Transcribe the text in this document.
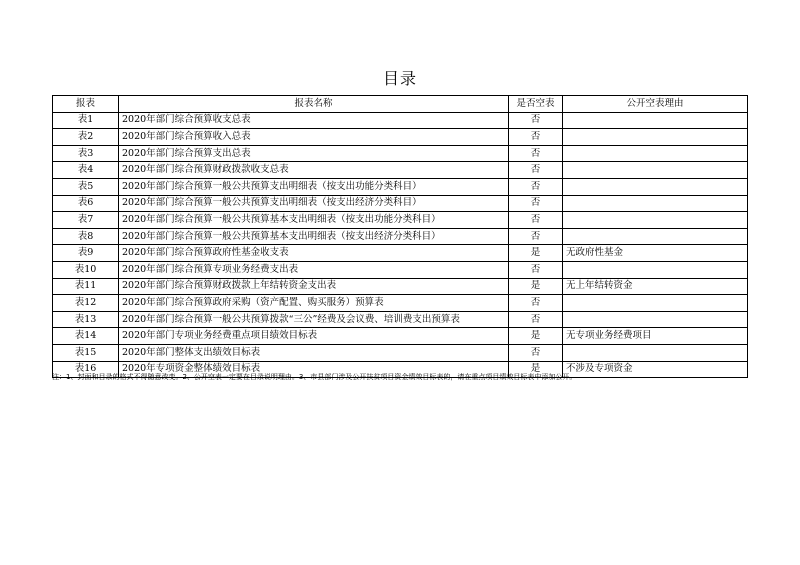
目录
报表	报表名称	是否空表	公开空表理由
表1	2020年部门综合预算收支总表	否	
表2	2020年部门综合预算收入总表	否	
表3	2020年部门综合预算支出总表	否	
表4	2020年部门综合预算财政拨款收支总表	否	
表5	2020年部门综合预算一般公共预算支出明细表（按支出功能分类科目）	否	
表6	2020年部门综合预算一般公共预算支出明细表（按支出经济分类科目）	否	
表7	2020年部门综合预算一般公共预算基本支出明细表（按支出功能分类科目）	否	
表8	2020年部门综合预算一般公共预算基本支出明细表（按支出经济分类科目）	否	
表9	2020年部门综合预算政府性基金收支表	是	无政府性基金
表10	2020年部门综合预算专项业务经费支出表	否	
表11	2020年部门综合预算财政拨款上年结转资金支出表	是	无上年结转资金
表12	2020年部门综合预算政府采购（资产配置、购买服务）预算表	否	
表13	2020年部门综合预算一般公共预算拨款“三公”经费及会议费、培训费支出预算表	否	
表14	2020年部门专项业务经费重点项目绩效目标表	是	无专项业务经费项目
表15	2020年部门整体支出绩效目标表	否	
表16	2020年专项资金整体绩效目标表	是	不涉及专项资金
注：1、封面和目录的格式不得随意改变。2、公开空表一定要在目录说明理由。3、市县部门涉及公开扶贫项目资金绩效目标表的，请在重点项目绩效目标表中添加公开。
